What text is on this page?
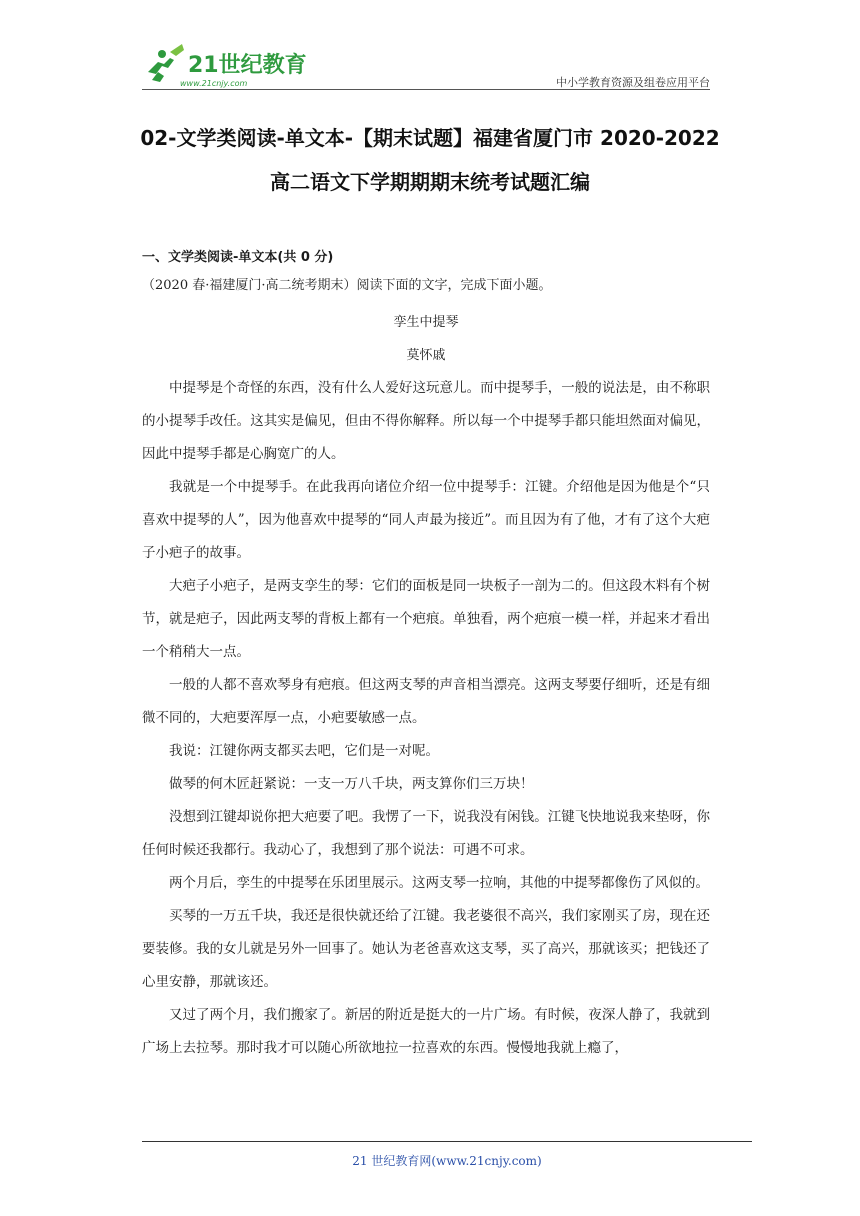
21世纪教育
www.21cnjy.com	中小学教育资源及组卷应用平台
02-文学类阅读-单文本-【期末试题】福建省厦门市 2020-2022
高二语文下学期期期末统考试题汇编
一、文学类阅读-单文本(共 0 分)
（2020 春·福建厦门·高二统考期末）阅读下面的文字，完成下面小题。
孪生中提琴
莫怀戚

中提琴是个奇怪的东西，没有什么人爱好这玩意儿。而中提琴手，一般的说法是，由不称职的小提琴手改任。这其实是偏见，但由不得你解释。所以每一个中提琴手都只能坦然面对偏见，因此中提琴手都是心胸宽广的人。

我就是一个中提琴手。在此我再向诸位介绍一位中提琴手：江键。介绍他是因为他是个“只喜欢中提琴的人”，因为他喜欢中提琴的“同人声最为接近”。而且因为有了他，才有了这个大疤子小疤子的故事。

大疤子小疤子，是两支孪生的琴：它们的面板是同一块板子一剖为二的。但这段木料有个树节，就是疤子，因此两支琴的背板上都有一个疤痕。单独看，两个疤痕一模一样，并起来才看出一个稍稍大一点。

一般的人都不喜欢琴身有疤痕。但这两支琴的声音相当漂亮。这两支琴要仔细听，还是有细微不同的，大疤要浑厚一点，小疤要敏感一点。

我说：江键你两支都买去吧，它们是一对呢。

做琴的何木匠赶紧说：一支一万八千块，两支算你们三万块！

没想到江键却说你把大疤要了吧。我愣了一下，说我没有闲钱。江键飞快地说我来垫呀，你任何时候还我都行。我动心了，我想到了那个说法：可遇不可求。

两个月后，孪生的中提琴在乐团里展示。这两支琴一拉响，其他的中提琴都像伤了风似的。

买琴的一万五千块，我还是很快就还给了江键。我老婆很不高兴，我们家刚买了房，现在还要装修。我的女儿就是另外一回事了。她认为老爸喜欢这支琴，买了高兴，那就该买；把钱还了心里安静，那就该还。

又过了两个月，我们搬家了。新居的附近是挺大的一片广场。有时候，夜深人静了，我就到广场上去拉琴。那时我才可以随心所欲地拉一拉喜欢的东西。慢慢地我就上瘾了，

21 世纪教育网(www.21cnjy.com)
